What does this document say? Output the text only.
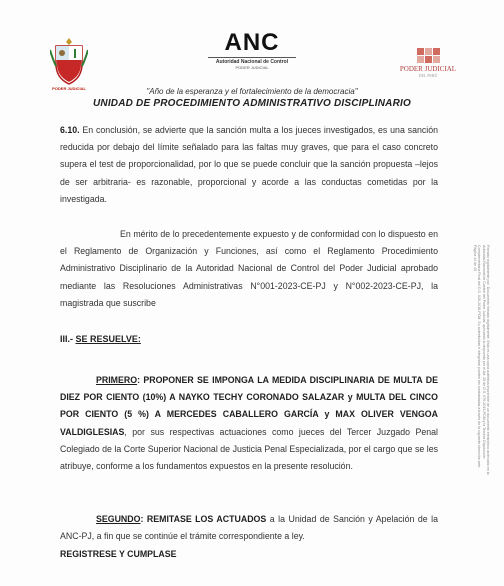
PODER JUDICIAL
ANC
Autoridad Nacional de Control
PODER JUDICIAL	PODER JUDICIAL
DEL PERÚ
"Año de la esperanza y el fortalecimiento de la democracia"
UNIDAD DE PROCEDIMIENTO ADMINISTRATIVO DISCIPLINARIO
6.10. En conclusión, se advierte que la sanción multa a los jueces investigados, es una sanción reducida por debajo del límite señalado para las faltas muy graves, que para el caso concreto supera el test de proporcionalidad, por lo que se puede concluir que la sanción propuesta –lejos de ser arbitraria- es razonable, proporcional y acorde a las conductas cometidas por la investigada.
En mérito de lo precedentemente expuesto y de conformidad con lo dispuesto en el Reglamento de Organización y Funciones, así como el Reglamento Procedimiento Administrativo Disciplinario de la Autoridad Nacional de Control del Poder Judicial aprobado mediante las Resoluciones Administrativas N°001-2023-CE-PJ y N°002-2023-CE-PJ, la magistrada que suscribe
III.- SE RESUELVE:
PRIMERO: PROPONER SE IMPONGA LA MEDIDA DISCIPLINARIA DE MULTA DE DIEZ POR CIENTO (10%) A NAYKO TECHY CORONADO SALAZAR y MULTA DEL CINCO POR CIENTO (5 %) A MERCEDES CABALLERO GARCÍA y MAX OLIVER VENGOA VALDIGLESIAS, por sus respectivas actuaciones como jueces del Tercer Juzgado Penal Colegiado de la Corte Superior Nacional de Justicia Penal Especializada, por el cargo que se les atribuye, conforme a los fundamentos expuestos en la presente resolución.
SEGUNDO: REMITASE LOS ACTUADOS a la Unidad de Sanción y Apelación de la ANC-PJ, a fin que se continúe el trámite correspondiente a ley.
REGISTRESE Y CUMPLASE
Firmado digitalmente por: Documento firmado digitalmente. Esta es una copia auténtica imprimible de un documento electrónico archivado en la Autoridad Nacional de Control del Poder Judicial, aplicando lo dispuesto por el Art. 25 de D.S. 070-2013-PCM y la Tercera Disposición Complementaria Final del D.S. 026-2016-PCM. Su autenticidad e integridad pueden ser contrastadas a través de la siguiente dirección web. Página 44 de 45
